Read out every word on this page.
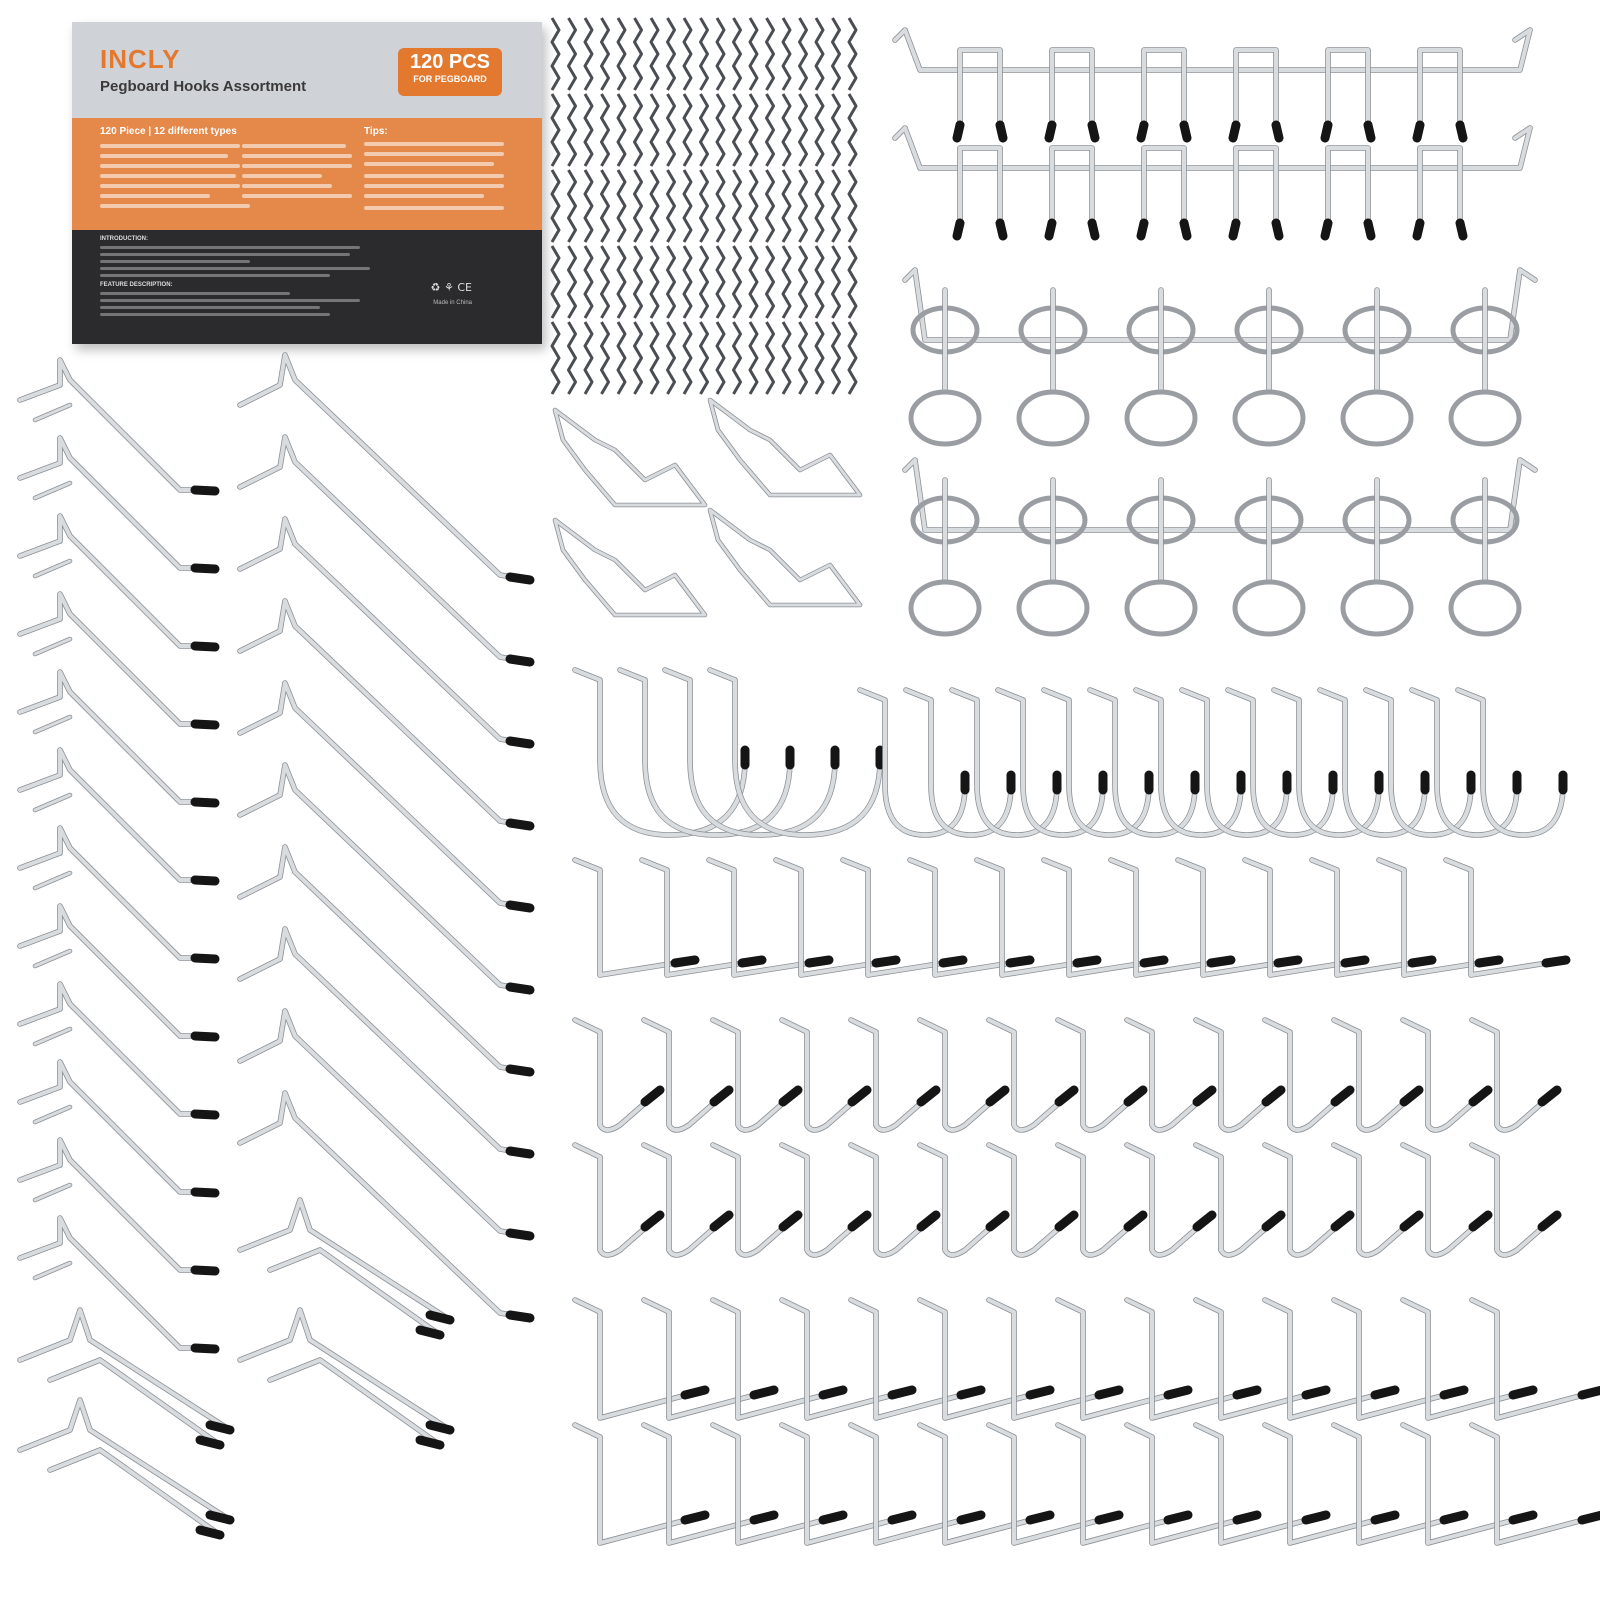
INCLY
Pegboard Hooks Assortment
120 PCS
FOR PEGBOARD
120 Piece | 12 different types	Tips:
INTRODUCTION:
FEATURE DESCRIPTION:	♻ ⚘ CE
Made in China
